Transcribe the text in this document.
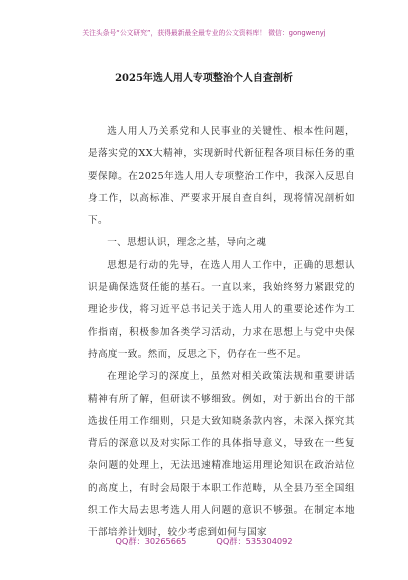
关注头条号“公文研究”，获得最新最全最专业的公文资料库！ 微信：gongwenyj
2025年选人用人专项整治个人自查剖析

选人用人乃关系党和人民事业的关键性、根本性问题，是落实党的XX大精神，实现新时代新征程各项目标任务的重要保障。在2025年选人用人专项整治工作中，我深入反思自身工作，以高标准、严要求开展自查自纠，现将情况剖析如下。

一、思想认识，理念之基，导向之魂

思想是行动的先导，在选人用人工作中，正确的思想认识是确保选贤任能的基石。一直以来，我始终努力紧跟党的理论步伐，将习近平总书记关于选人用人的重要论述作为工作指南，积极参加各类学习活动，力求在思想上与党中央保持高度一致。然而，反思之下，仍存在一些不足。

在理论学习的深度上，虽然对相关政策法规和重要讲话精神有所了解，但研读不够细致。例如，对于新出台的干部选拔任用工作细则，只是大致知晓条款内容，未深入探究其背后的深意以及对实际工作的具体指导意义，导致在一些复杂问题的处理上，无法迅速精准地运用理论知识在政治站位的高度上，有时会局限于本职工作范畴，从全县乃至全国组织工作大局去思考选人用人问题的意识不够强。在制定本地干部培养计划时，较少考虑到如何与国家

QQ群：30265665	QQ群：535304092
